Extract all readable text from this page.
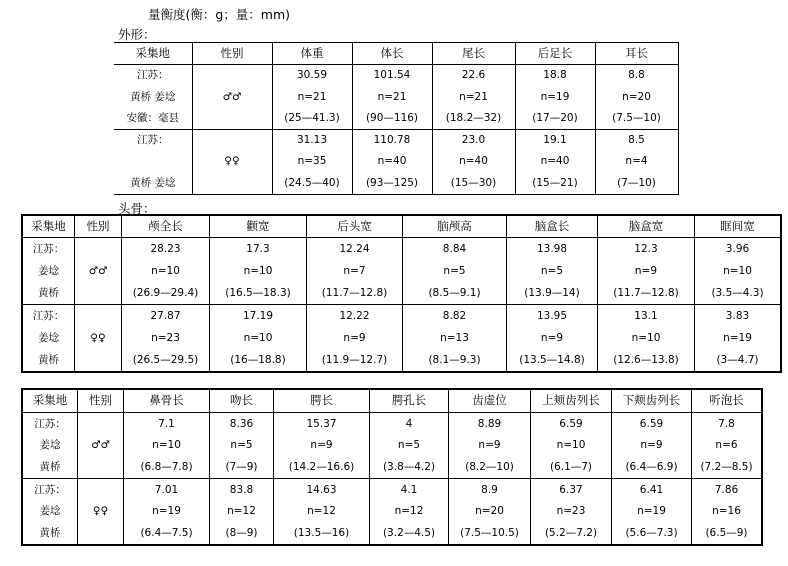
量衡度(衡：g；量：mm)
外形：
头骨：
采集地	性别	体重	体长	尾长	后足长	耳长
江苏：		30.59	101.54	22.6	18.8	8.8
黄桥 姜埝	♂♂	n=21	n=21	n=21	n=19	n=20
安徽：毫县		(25—41.3)	(90—116)	(18.2—32)	(17—20)	(7.5—10)
江苏：		31.13	110.78	23.0	19.1	8.5
	♀♀	n=35	n=40	n=40	n=40	n=4
黄桥 姜埝		(24.5—40)	(93—125)	(15—30)	(15—21)	(7—10)
采集地	性别	颅全长	颧宽	后头宽	脑颅高	脑盒长	脑盒宽	眶间宽
江苏：		28.23	17.3	12.24	8.84	13.98	12.3	3.96
姜埝	♂♂	n=10	n=10	n=7	n=5	n=5	n=9	n=10
黄桥		(26.9—29.4)	(16.5—18.3)	(11.7—12.8)	(8.5—9.1)	(13.9—14)	(11.7—12.8)	(3.5—4.3)
江苏：		27.87	17.19	12.22	8.82	13.95	13.1	3.83
姜埝	♀♀	n=23	n=10	n=9	n=13	n=9	n=10	n=19
黄桥		(26.5—29.5)	(16—18.8)	(11.9—12.7)	(8.1—9.3)	(13.5—14.8)	(12.6—13.8)	(3—4.7)
采集地	性别	鼻骨长	吻长	腭长	腭孔长	齿虚位	上颊齿列长	下颊齿列长	听泡长
江苏：		7.1	8.36	15.37	4	8.89	6.59	6.59	7.8
姜埝	♂♂	n=10	n=5	n=9	n=5	n=9	n=10	n=9	n=6
黄桥		(6.8—7.8)	(7—9)	(14.2—16.6)	(3.8—4.2)	(8.2—10)	(6.1—7)	(6.4—6.9)	(7.2—8.5)
江苏：		7.01	83.8	14.63	4.1	8.9	6.37	6.41	7.86
姜埝	♀♀	n=19	n=12	n=12	n=12	n=20	n=23	n=19	n=16
黄桥		(6.4—7.5)	(8—9)	(13.5—16)	(3.2—4.5)	(7.5—10.5)	(5.2—7.2)	(5.6—7.3)	(6.5—9)
